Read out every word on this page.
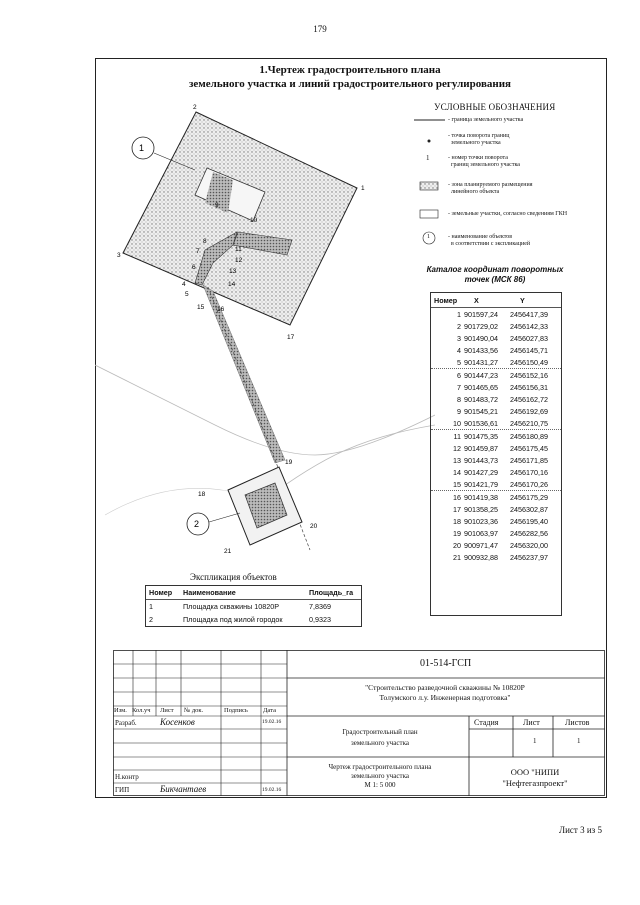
179
1.Чертеж градостроительного плана
земельного участка и линий градостроительного регулирования
1
2
2
1
3
4
5
6
7
8
9
10
11
12
13
14
15 16
17
18
19
20
21
УСЛОВНЫЕ ОБОЗНАЧЕНИЯ
1
1
- граница земельного участка
- точка поворота границ
земельного участка
- номер точки поворота
границ земельного участка
- зона планируемого размещения
линейного объекта
- земельные участки, согласно сведениям ГКН
- наименование объектов
в соответствии с экспликацией
Каталог координат поворотных точек (МСК 86)
Номер	X	Y
1 901597,24	2456417,39
2 901729,02	2456142,33
3 901490,04	2456027,83
4 901433,56	2456145,71
5 901431,27	2456150,49
6 901447,23	2456152,16
7 901465,65	2456156,31
8 901483,72	2456162,72
9 901545,21	2456192,69
10 901536,61	2456210,75
11 901475,35	2456180,89
12 901459,87	2456175,45
13 901443,73	2456171,85
14 901427,29	2456170,16
15 901421,79	2456170,26
16 901419,38	2456175,29
17 901358,25	2456302,87
18 901023,36	2456195,40
19 901063,97	2456282,56
20 900971,47	2456320,00
21 900932,88	2456237,97
Экспликация объектов
Номер	Наименование	Площадь_га
1	Площадка скважины 10820Р	7,8369
2	Площадка под жилой городок	0,9323
01-514-ГСП
"Строительство разведочной скважины № 10820Р
Толумского л.у. Инженерная подготовка"
Изм. Кол.уч Лист № док.	Подпись Дата
Разраб.	Косенков	19.02.16
Н.контр
ГИП	Бикчантаев	19.02.16
Градостроительный план
земельного участка
Стадия	Лист	Листов
1	1
Чертеж градостроительного плана
земельного участка
М 1: 5 000
ООО "НИПИ
"Нефтегазпроект"
Лист 3 из 5
